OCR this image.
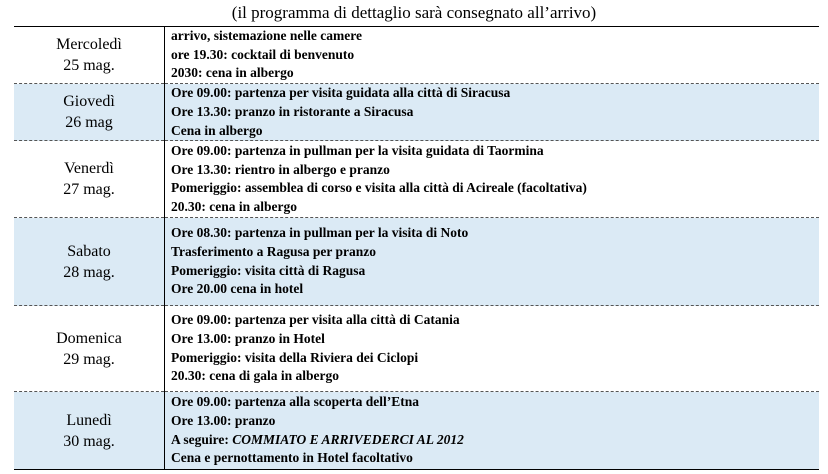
(il programma di dettaglio sarà consegnato all’arrivo)
Mercoledì
25 mag.	arrivo, sistemazione nelle camere
ore 19.30: cocktail di benvenuto
2030: cena in albergo

Giovedì
26 mag	Ore 09.00: partenza per visita guidata alla città di Siracusa
Ore 13.30: pranzo in ristorante a Siracusa
Cena in albergo

Venerdì
27 mag.	Ore 09.00: partenza in pullman per la visita guidata di Taormina
Ore 13.30: rientro in albergo e pranzo
Pomeriggio: assemblea di corso e visita alla città di Acireale (facoltativa)
20.30: cena in albergo

Sabato
28 mag.	Ore 08.30: partenza in pullman per la visita di Noto
Trasferimento a Ragusa per pranzo
Pomeriggio: visita città di Ragusa
Ore 20.00 cena in hotel

Domenica
29 mag.	Ore 09.00: partenza per visita alla città di Catania
Ore 13.00: pranzo in Hotel
Pomeriggio: visita della Riviera dei Ciclopi
20.30: cena di gala in albergo

Lunedì
30 mag.	Ore 09.00: partenza alla scoperta dell’Etna
Ore 13.00: pranzo
A seguire: COMMIATO E ARRIVEDERCI AL 2012
Cena e pernottamento in Hotel facoltativo
